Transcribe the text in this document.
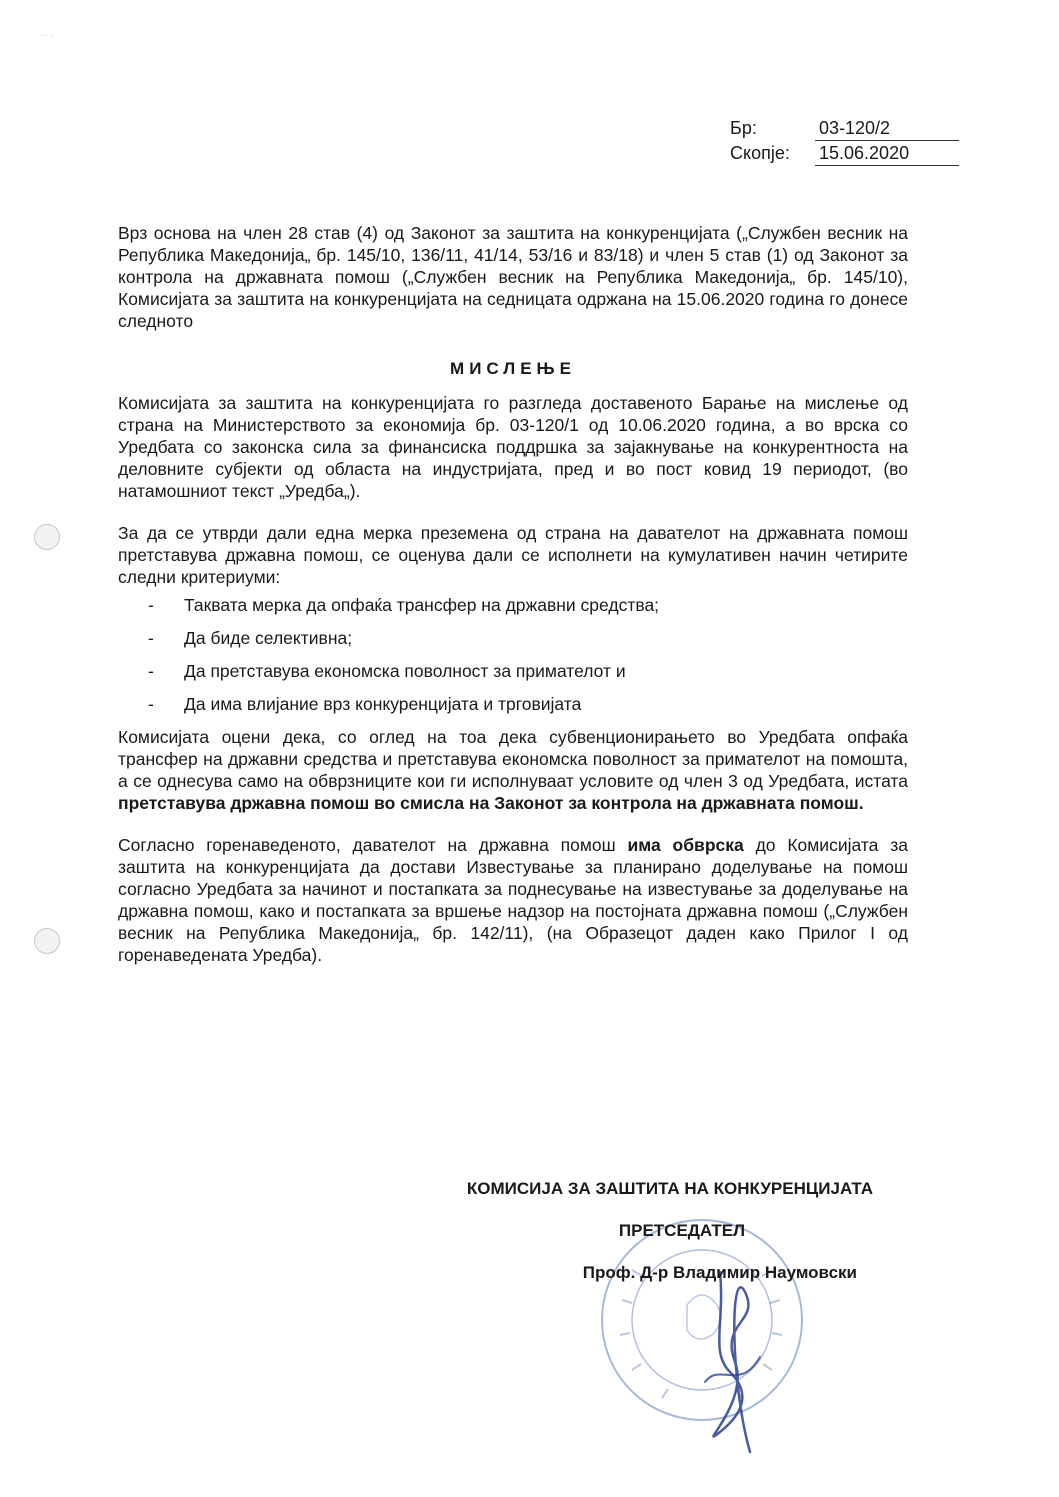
·· ·
Бр:	03-120/2
Скопје:	15.06.2020

Врз основа на член 28 став (4) од Законот за заштита на конкуренцијата („Службен весник на Република Македонија„ бр. 145/10, 136/11, 41/14, 53/16 и 83/18) и член 5 став (1) од Законот за контрола на државната помош („Службен весник на Република Македонија„ бр. 145/10), Комисијата за заштита на конкуренцијата на седницата одржана на 15.06.2020 година го донесе следното

МИСЛЕЊЕ

Комисијата за заштита на конкуренцијата го разгледа доставеното Барање на мислење од страна на Министерството за економија бр. 03-120/1 од 10.06.2020 година, а во врска со Уредбата со законска сила за финансиска поддршка за зајакнување на конкурентноста на деловните субјекти од областа на индустријата, пред и во пост ковид 19 периодот, (во натамошниот текст „Уредба„).

За да се утврди дали една мерка преземена од страна на давателот на државната помош претставува државна помош, се оценува дали се исполнети на кумулативен начин четирите следни критериуми:

-	Таквата мерка да опфаќа трансфер на државни средства;
-	Да биде селективна;
-	Да претставува економска поволност за примателот и
-	Да има влијание врз конкуренцијата и трговијата

Комисијата оцени дека, со оглед на тоа дека субвенционирањето во Уредбата опфаќа трансфер на државни средства и претставува економска поволност за примателот на помошта, а се однесува само на обврзниците кои ги исполнуваат условите од член 3 од Уредбата, истата претставува државна помош во смисла на Законот за контрола на државната помош.

Согласно горенаведеното, давателот на државна помош има обврска до Комисијата за заштита на конкуренцијата да достави Известување за планирано доделување на помош согласно Уредбата за начинот и постапката за поднесување на известување за доделување на државна помош, како и постапката за вршење надзор на постојната државна помош („Службен весник на Република Македонија„ бр. 142/11), (на Образецот даден како Прилог I од горенаведената Уредба).

КОМИСИЈА ЗА ЗАШТИТА НА КОНКУРЕНЦИЈАТА
ПРЕТСЕДАТЕЛ
Проф. Д-р Владимир Наумовски
